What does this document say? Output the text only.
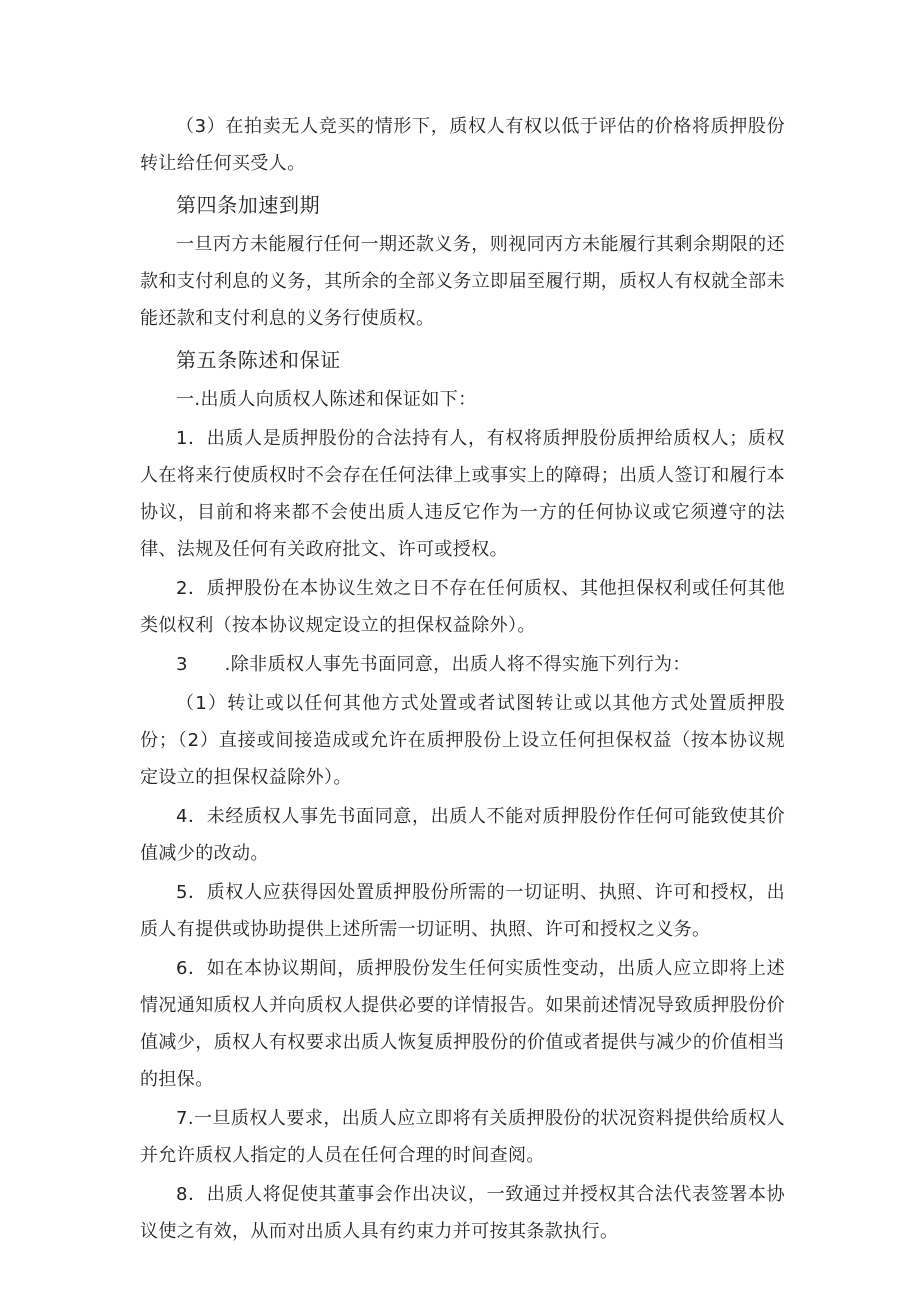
（3）在拍卖无人竞买的情形下，质权人有权以低于评估的价格将质押股份转让给任何买受人。

第四条加速到期

一旦丙方未能履行任何一期还款义务，则视同丙方未能履行其剩余期限的还款和支付利息的义务，其所余的全部义务立即届至履行期，质权人有权就全部未能还款和支付利息的义务行使质权。

第五条陈述和保证

一.出质人向质权人陈述和保证如下：

1．出质人是质押股份的合法持有人，有权将质押股份质押给质权人；质权人在将来行使质权时不会存在任何法律上或事实上的障碍；出质人签订和履行本协议，目前和将来都不会使出质人违反它作为一方的任何协议或它须遵守的法律、法规及任何有关政府批文、许可或授权。

2．质押股份在本协议生效之日不存在任何质权、其他担保权利或任何其他类似权利（按本协议规定设立的担保权益除外）。

3　　.除非质权人事先书面同意，出质人将不得实施下列行为：

（1）转让或以任何其他方式处置或者试图转让或以其他方式处置质押股份；（2）直接或间接造成或允许在质押股份上设立任何担保权益（按本协议规定设立的担保权益除外）。

4．未经质权人事先书面同意，出质人不能对质押股份作任何可能致使其价值减少的改动。

5．质权人应获得因处置质押股份所需的一切证明、执照、许可和授权，出质人有提供或协助提供上述所需一切证明、执照、许可和授权之义务。

6．如在本协议期间，质押股份发生任何实质性变动，出质人应立即将上述情况通知质权人并向质权人提供必要的详情报告。如果前述情况导致质押股份价值减少，质权人有权要求出质人恢复质押股份的价值或者提供与减少的价值相当的担保。

7.一旦质权人要求，出质人应立即将有关质押股份的状况资料提供给质权人并允许质权人指定的人员在任何合理的时间查阅。

8．出质人将促使其董事会作出决议，一致通过并授权其合法代表签署本协议使之有效，从而对出质人具有约束力并可按其条款执行。
